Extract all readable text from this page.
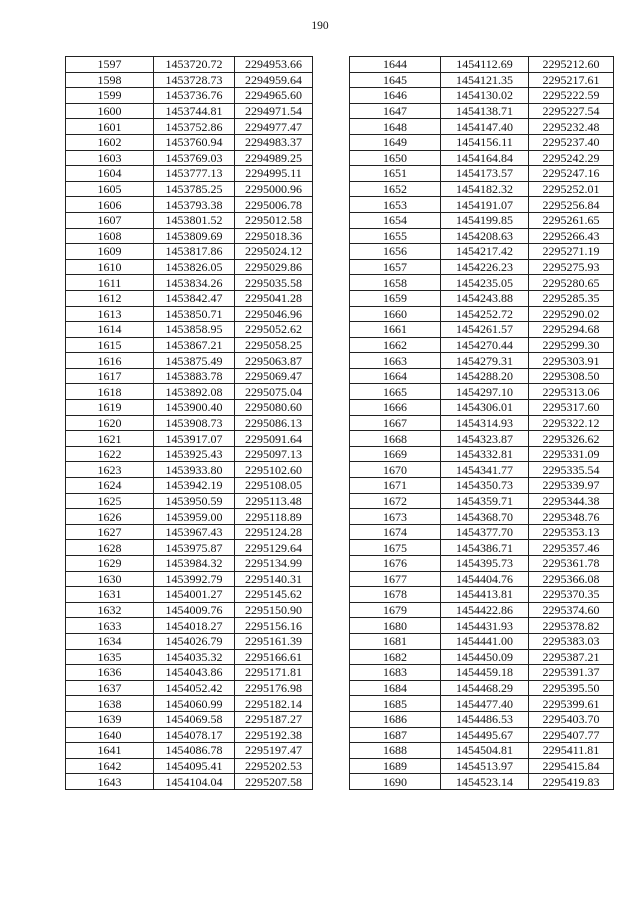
190
1597	1453720.72	2294953.66
1598	1453728.73	2294959.64
1599	1453736.76	2294965.60
1600	1453744.81	2294971.54
1601	1453752.86	2294977.47
1602	1453760.94	2294983.37
1603	1453769.03	2294989.25
1604	1453777.13	2294995.11
1605	1453785.25	2295000.96
1606	1453793.38	2295006.78
1607	1453801.52	2295012.58
1608	1453809.69	2295018.36
1609	1453817.86	2295024.12
1610	1453826.05	2295029.86
1611	1453834.26	2295035.58
1612	1453842.47	2295041.28
1613	1453850.71	2295046.96
1614	1453858.95	2295052.62
1615	1453867.21	2295058.25
1616	1453875.49	2295063.87
1617	1453883.78	2295069.47
1618	1453892.08	2295075.04
1619	1453900.40	2295080.60
1620	1453908.73	2295086.13
1621	1453917.07	2295091.64
1622	1453925.43	2295097.13
1623	1453933.80	2295102.60
1624	1453942.19	2295108.05
1625	1453950.59	2295113.48
1626	1453959.00	2295118.89
1627	1453967.43	2295124.28
1628	1453975.87	2295129.64
1629	1453984.32	2295134.99
1630	1453992.79	2295140.31
1631	1454001.27	2295145.62
1632	1454009.76	2295150.90
1633	1454018.27	2295156.16
1634	1454026.79	2295161.39
1635	1454035.32	2295166.61
1636	1454043.86	2295171.81
1637	1454052.42	2295176.98
1638	1454060.99	2295182.14
1639	1454069.58	2295187.27
1640	1454078.17	2295192.38
1641	1454086.78	2295197.47
1642	1454095.41	2295202.53
1643	1454104.04	2295207.58
1644	1454112.69	2295212.60
1645	1454121.35	2295217.61
1646	1454130.02	2295222.59
1647	1454138.71	2295227.54
1648	1454147.40	2295232.48
1649	1454156.11	2295237.40
1650	1454164.84	2295242.29
1651	1454173.57	2295247.16
1652	1454182.32	2295252.01
1653	1454191.07	2295256.84
1654	1454199.85	2295261.65
1655	1454208.63	2295266.43
1656	1454217.42	2295271.19
1657	1454226.23	2295275.93
1658	1454235.05	2295280.65
1659	1454243.88	2295285.35
1660	1454252.72	2295290.02
1661	1454261.57	2295294.68
1662	1454270.44	2295299.30
1663	1454279.31	2295303.91
1664	1454288.20	2295308.50
1665	1454297.10	2295313.06
1666	1454306.01	2295317.60
1667	1454314.93	2295322.12
1668	1454323.87	2295326.62
1669	1454332.81	2295331.09
1670	1454341.77	2295335.54
1671	1454350.73	2295339.97
1672	1454359.71	2295344.38
1673	1454368.70	2295348.76
1674	1454377.70	2295353.13
1675	1454386.71	2295357.46
1676	1454395.73	2295361.78
1677	1454404.76	2295366.08
1678	1454413.81	2295370.35
1679	1454422.86	2295374.60
1680	1454431.93	2295378.82
1681	1454441.00	2295383.03
1682	1454450.09	2295387.21
1683	1454459.18	2295391.37
1684	1454468.29	2295395.50
1685	1454477.40	2295399.61
1686	1454486.53	2295403.70
1687	1454495.67	2295407.77
1688	1454504.81	2295411.81
1689	1454513.97	2295415.84
1690	1454523.14	2295419.83
